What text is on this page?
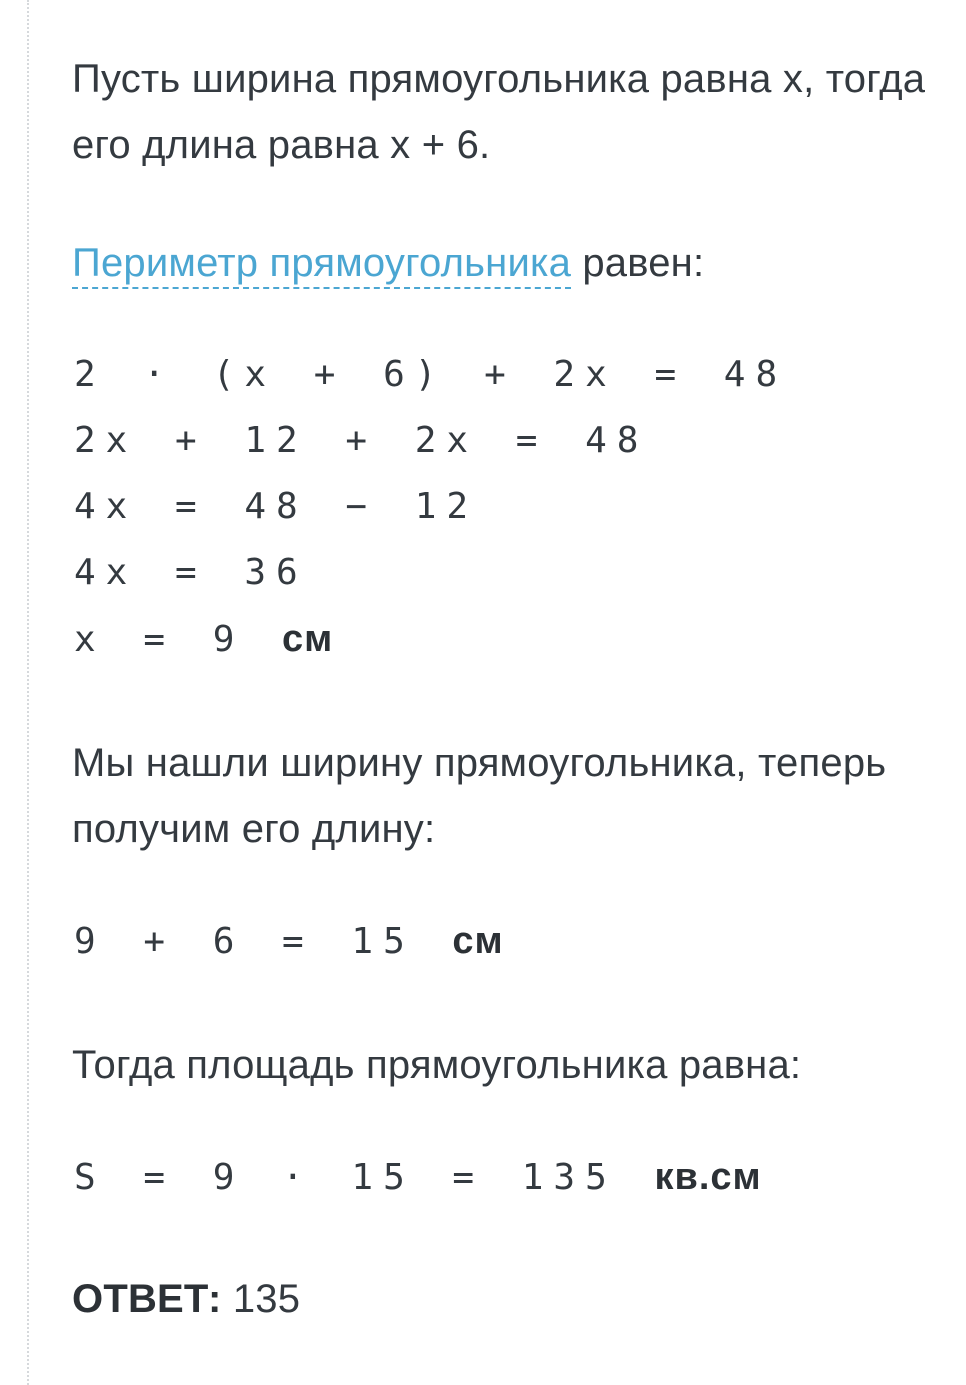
Пусть ширина прямоугольника равна х, тогда
его длина равна х + 6.
Периметр прямоугольника равен:
2 · (x + 6) + 2x = 48
2x + 12 + 2x = 48
4x = 48 − 12
4x = 36
x = 9 см
Мы нашли ширину прямоугольника, теперь
получим его длину:
9 + 6 = 15 см
Тогда площадь прямоугольника равна:
S = 9 · 15 = 135 кв.см
ОТВЕТ: 135
